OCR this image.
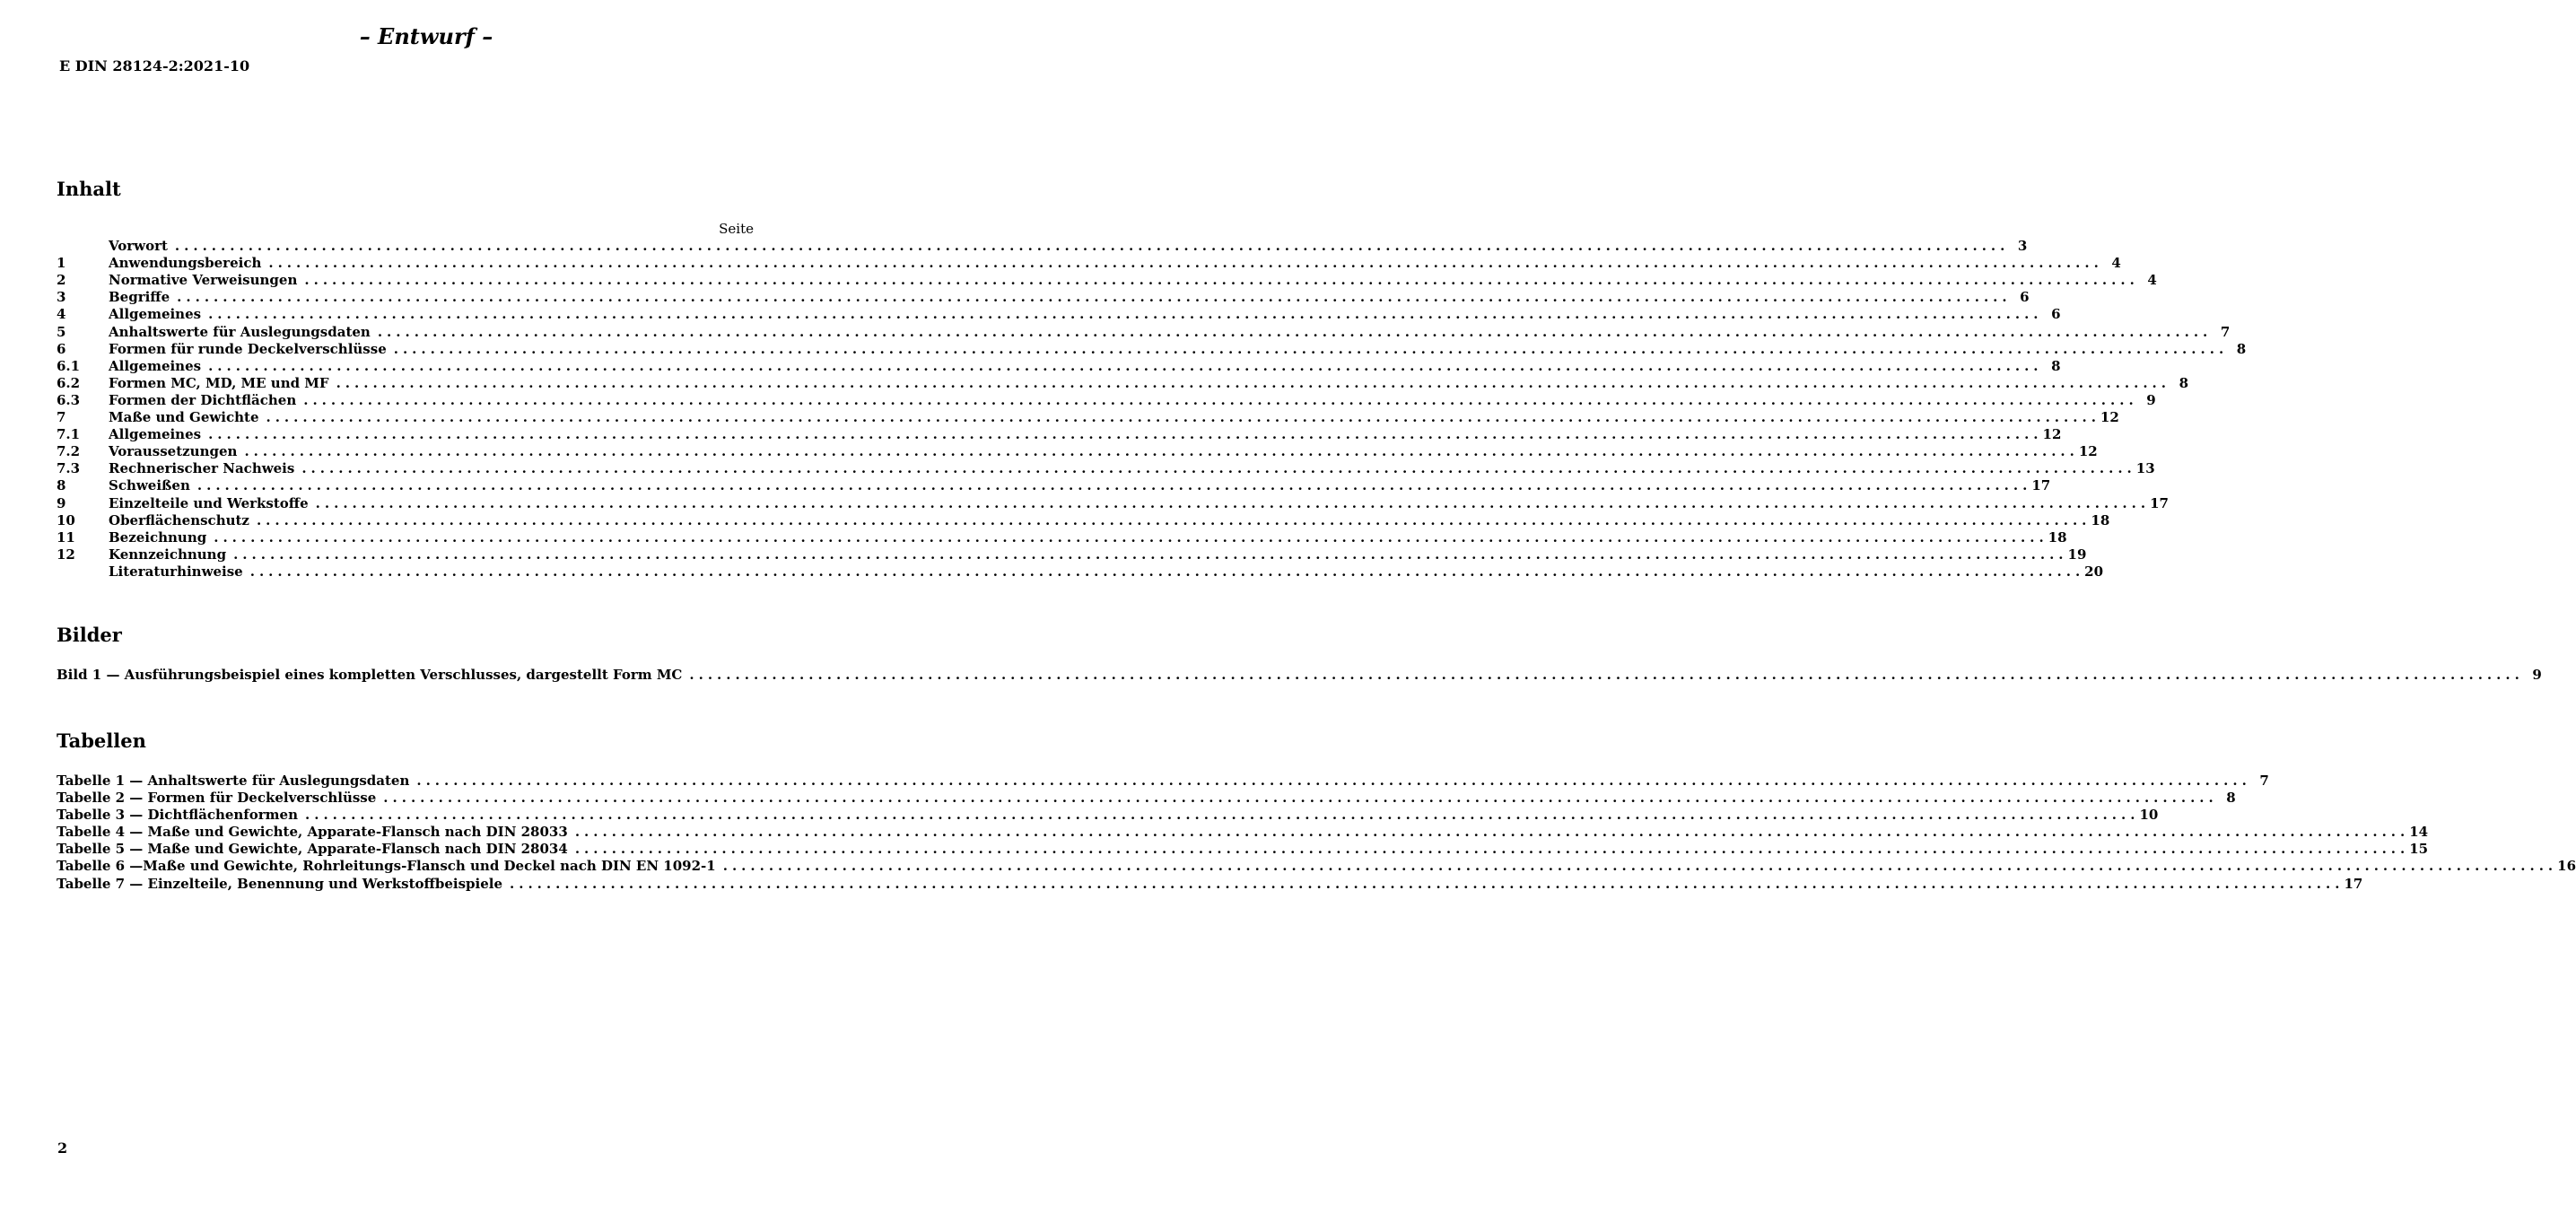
– Entwurf –
E DIN 28124-2:2021-10
Inhalt
Seite
Vorwort ........................................................................................................................................................................................................ 3
1	Anwendungsbereich ........................................................................................................................................................................................................ 4
2	Normative Verweisungen ........................................................................................................................................................................................................ 4
3	Begriffe ........................................................................................................................................................................................................ 6
4	Allgemeines ........................................................................................................................................................................................................ 6
5	Anhaltswerte für Auslegungsdaten ........................................................................................................................................................................................................ 7
6	Formen für runde Deckelverschlüsse ........................................................................................................................................................................................................ 8
6.1	Allgemeines ........................................................................................................................................................................................................ 8
6.2	Formen MC, MD, ME und MF ........................................................................................................................................................................................................ 8
6.3	Formen der Dichtflächen ........................................................................................................................................................................................................ 9
7	Maße und Gewichte ........................................................................................................................................................................................................ 12
7.1	Allgemeines ........................................................................................................................................................................................................ 12
7.2	Voraussetzungen ........................................................................................................................................................................................................ 12
7.3	Rechnerischer Nachweis ........................................................................................................................................................................................................ 13
8	Schweißen ........................................................................................................................................................................................................ 17
9	Einzelteile und Werkstoffe ........................................................................................................................................................................................................ 17
10	Oberflächenschutz ........................................................................................................................................................................................................ 18
11	Bezeichnung ........................................................................................................................................................................................................ 18
12	Kennzeichnung ........................................................................................................................................................................................................ 19
Literaturhinweise ........................................................................................................................................................................................................ 20
Bilder
Bild 1 — Ausführungsbeispiel eines kompletten Verschlusses, dargestellt Form MC ........................................................................................................................................................................................................ 9
Tabellen
Tabelle 1 — Anhaltswerte für Auslegungsdaten ........................................................................................................................................................................................................ 7
Tabelle 2 — Formen für Deckelverschlüsse ........................................................................................................................................................................................................ 8
Tabelle 3 — Dichtflächenformen ........................................................................................................................................................................................................ 10
Tabelle 4 — Maße und Gewichte, Apparate-Flansch nach DIN 28033 ........................................................................................................................................................................................................ 14
Tabelle 5 — Maße und Gewichte, Apparate-Flansch nach DIN 28034 ........................................................................................................................................................................................................ 15
Tabelle 6 —Maße und Gewichte, Rohrleitungs-Flansch und Deckel nach DIN EN 1092-1 ........................................................................................................................................................................................................ 16
Tabelle 7 — Einzelteile, Benennung und Werkstoffbeispiele ........................................................................................................................................................................................................ 17
2
